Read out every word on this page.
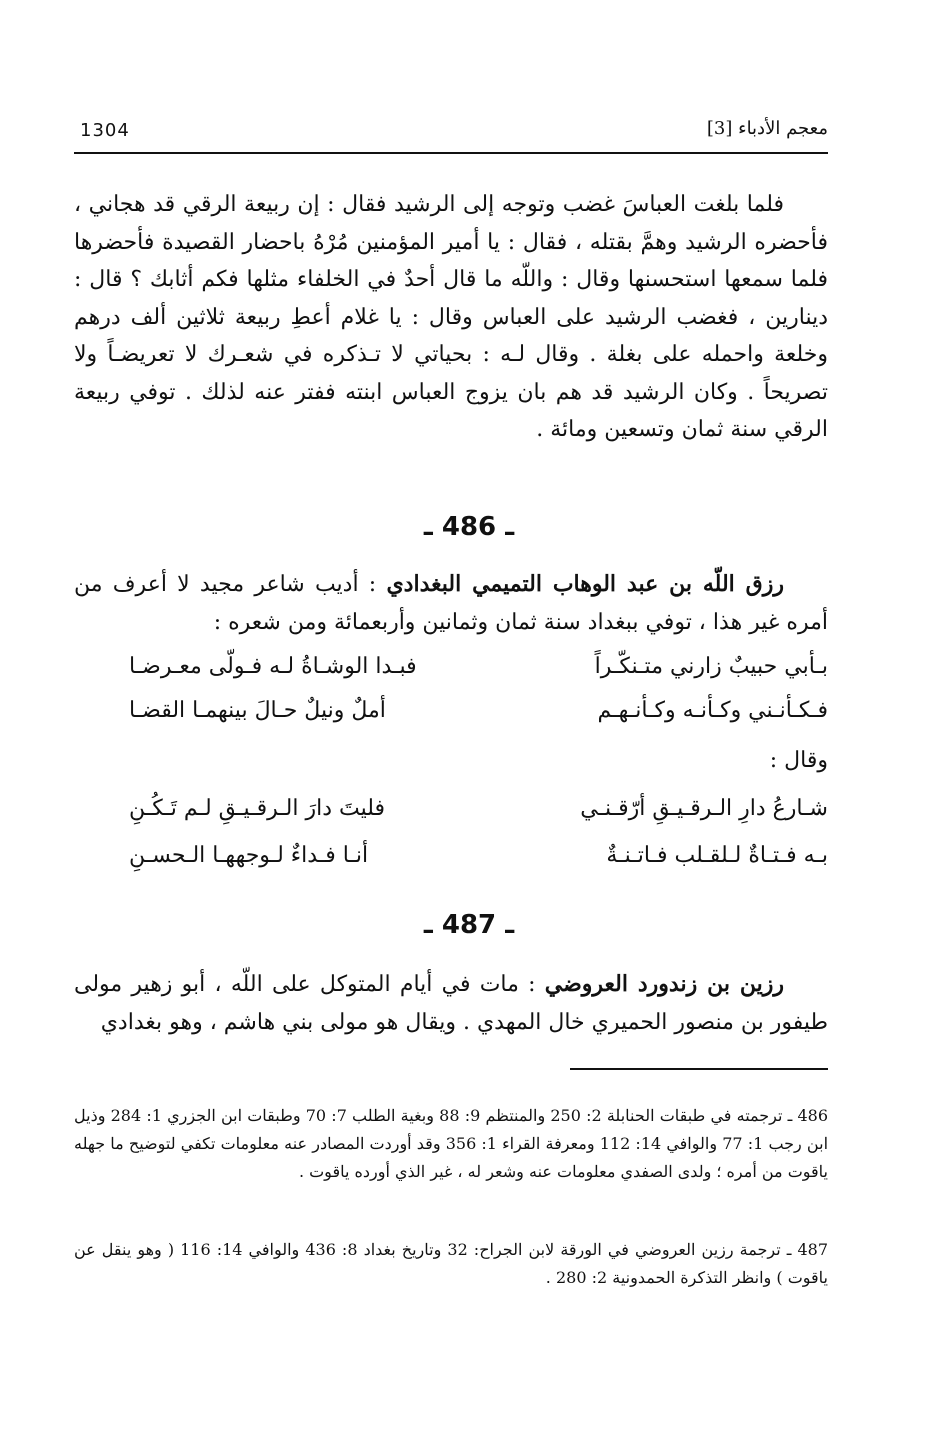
1304	معجم الأدباء [3]
فلما بلغت العباسَ غضب وتوجه إلى الرشيد فقال : إن ربيعة الرقي قد هجاني ، فأحضره الرشيد وهمَّ بقتله ، فقال : يا أمير المؤمنين مُرْهُ باحضار القصيدة فأحضرها فلما سمعها استحسنها وقال : واللّه ما قال أحدٌ في الخلفاء مثلها فكم أثابك ؟ قال : دينارين ، فغضب الرشيد على العباس وقال : يا غلام أعطِ ربيعة ثلاثين ألف درهم وخلعة واحمله على بغلة . وقال لـه : بحياتي لا تـذكره في شعـرك لا تعريضـاً ولا تصريحاً . وكان الرشيد قد هم بان يزوج العباس ابنته ففتر عنه لذلك . توفي ربيعة الرقي سنة ثمان وتسعين ومائة .
ـ 486 ـ
رزق اللّه بن عبد الوهاب التميمي البغدادي : أديب شاعر مجيد لا أعرف من أمره غير هذا ، توفي ببغداد سنة ثمان وثمانين وأربعمائة ومن شعره :
بـأبي حبيبٌ زارني متـنكّـراً
فبـدا الوشـاةُ لـه فـولّى معـرضـا
فـكـأنـني وكـأنـه وكـأنـهـم
أملٌ ونيلٌ حـالَ بينهمـا القضـا
وقال :
شـارعُ دارِ الـرقـيـقِ أرّقـنـي
فليتَ دارَ الـرقـيـقِ لـم تَـكُـنِ
بـه فـتـاةٌ لـلقـلب فـاتـنـةٌ
أنـا فـداءٌ لـوجههـا الـحسـنِ
ـ 487 ـ
رزين بن زندورد العروضي : مات في أيام المتوكل على اللّه ، أبو زهير مولى طيفور بن منصور الحميري خال المهدي . ويقال هو مولى بني هاشم ، وهو بغدادي
486 ـ ترجمته في طبقات الحنابلة 2: 250 والمنتظم 9: 88 وبغية الطلب 7: 70 وطبقات ابن الجزري 1: 284 وذيل ابن رجب 1: 77 والوافي 14: 112 ومعرفة القراء 1: 356 وقد أوردت المصادر عنه معلومات تكفي لتوضيح ما جهله ياقوت من أمره ؛ ولدى الصفدي معلومات عنه وشعر له ، غير الذي أورده ياقوت .
487 ـ ترجمة رزين العروضي في الورقة لابن الجراح: 32 وتاريخ بغداد 8: 436 والوافي 14: 116 ( وهو ينقل عن ياقوت ) وانظر التذكرة الحمدونية 2: 280 .
